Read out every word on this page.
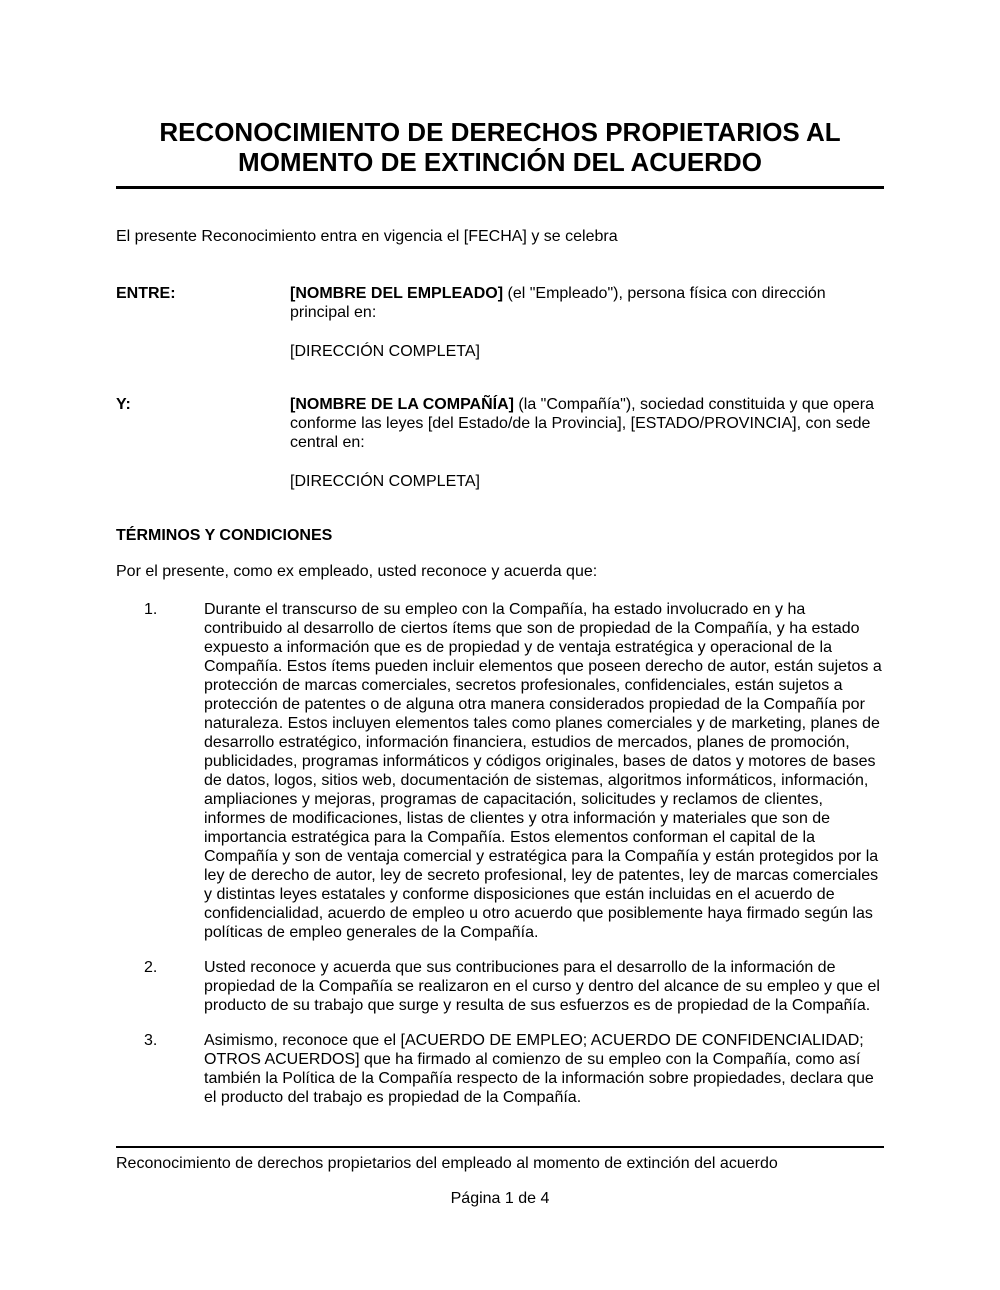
RECONOCIMIENTO DE DERECHOS PROPIETARIOS AL MOMENTO DE EXTINCIÓN DEL ACUERDO

El presente Reconocimiento entra en vigencia el [FECHA] y se celebra

ENTRE:	[NOMBRE DEL EMPLEADO] (el "Empleado"), persona física con dirección principal en:

[DIRECCIÓN COMPLETA]

Y:	[NOMBRE DE LA COMPAÑÍA] (la "Compañía"), sociedad constituida y que opera conforme las leyes [del Estado/de la Provincia], [ESTADO/PROVINCIA], con sede central en:

[DIRECCIÓN COMPLETA]

TÉRMINOS Y CONDICIONES

Por el presente, como ex empleado, usted reconoce y acuerda que:

1.	Durante el transcurso de su empleo con la Compañía, ha estado involucrado en y ha contribuido al desarrollo de ciertos ítems que son de propiedad de la Compañía, y ha estado expuesto a información que es de propiedad y de ventaja estratégica y operacional de la Compañía. Estos ítems pueden incluir elementos que poseen derecho de autor, están sujetos a protección de marcas comerciales, secretos profesionales, confidenciales, están sujetos a protección de patentes o de alguna otra manera considerados propiedad de la Compañía por naturaleza. Estos incluyen elementos tales como planes comerciales y de marketing, planes de desarrollo estratégico, información financiera, estudios de mercados, planes de promoción, publicidades, programas informáticos y códigos originales, bases de datos y motores de bases de datos, logos, sitios web, documentación de sistemas, algoritmos informáticos, información, ampliaciones y mejoras, programas de capacitación, solicitudes y reclamos de clientes, informes de modificaciones, listas de clientes y otra información y materiales que son de importancia estratégica para la Compañía. Estos elementos conforman el capital de la Compañía y son de ventaja comercial y estratégica para la Compañía y están protegidos por la ley de derecho de autor, ley de secreto profesional, ley de patentes, ley de marcas comerciales y distintas leyes estatales y conforme disposiciones que están incluidas en el acuerdo de confidencialidad, acuerdo de empleo u otro acuerdo que posiblemente haya firmado según las políticas de empleo generales de la Compañía.
2.	Usted reconoce y acuerda que sus contribuciones para el desarrollo de la información de propiedad de la Compañía se realizaron en el curso y dentro del alcance de su empleo y que el producto de su trabajo que surge y resulta de sus esfuerzos es de propiedad de la Compañía.
3.	Asimismo, reconoce que el [ACUERDO DE EMPLEO; ACUERDO DE CONFIDENCIALIDAD; OTROS ACUERDOS] que ha firmado al comienzo de su empleo con la Compañía, como así también la Política de la Compañía respecto de la información sobre propiedades, declara que el producto del trabajo es propiedad de la Compañía.

Reconocimiento de derechos propietarios del empleado al momento de extinción del acuerdo

Página 1 de 4
